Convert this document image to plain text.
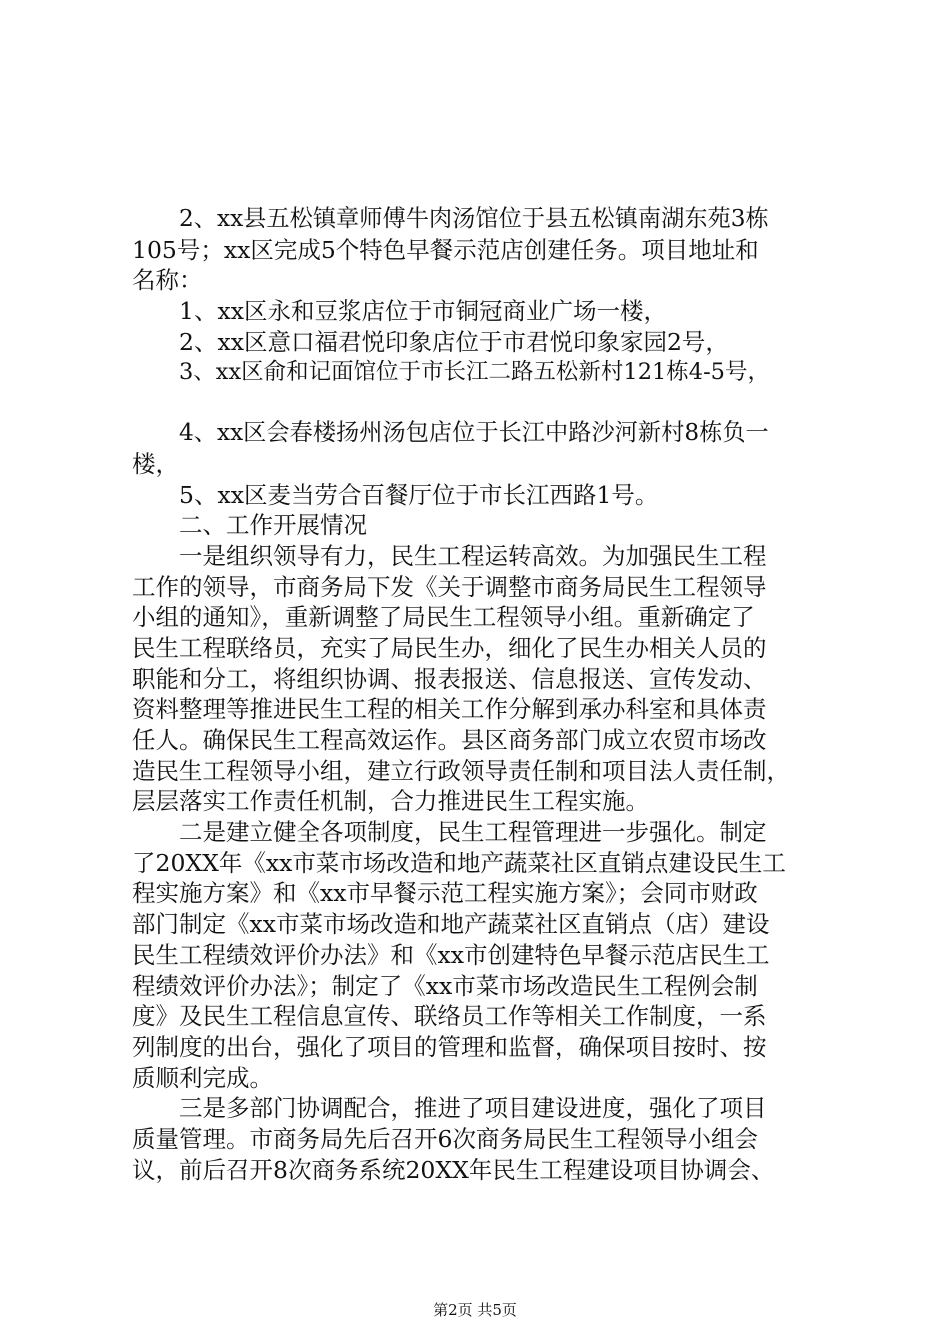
2、xx县五松镇章师傅牛肉汤馆位于县五松镇南湖东苑3栋
105号；xx区完成5个特色早餐示范店创建任务。项目地址和
名称：
1、xx区永和豆浆店位于市铜冠商业广场一楼，
2、xx区意口福君悦印象店位于市君悦印象家园2号，
3、xx区俞和记面馆位于市长江二路五松新村121栋4-5号，
4、xx区会春楼扬州汤包店位于长江中路沙河新村8栋负一
楼，
5、xx区麦当劳合百餐厅位于市长江西路1号。
二、工作开展情况
一是组织领导有力，民生工程运转高效。为加强民生工程
工作的领导，市商务局下发《关于调整市商务局民生工程领导
小组的通知》，重新调整了局民生工程领导小组。重新确定了
民生工程联络员，充实了局民生办，细化了民生办相关人员的
职能和分工，将组织协调、报表报送、信息报送、宣传发动、
资料整理等推进民生工程的相关工作分解到承办科室和具体责
任人。确保民生工程高效运作。县区商务部门成立农贸市场改
造民生工程领导小组，建立行政领导责任制和项目法人责任制，
层层落实工作责任机制，合力推进民生工程实施。
二是建立健全各项制度，民生工程管理进一步强化。制定
了20XX年《xx市菜市场改造和地产蔬菜社区直销点建设民生工
程实施方案》和《xx市早餐示范工程实施方案》；会同市财政
部门制定《xx市菜市场改造和地产蔬菜社区直销点（店）建设
民生工程绩效评价办法》和《xx市创建特色早餐示范店民生工
程绩效评价办法》；制定了《xx市菜市场改造民生工程例会制
度》及民生工程信息宣传、联络员工作等相关工作制度，一系
列制度的出台，强化了项目的管理和监督，确保项目按时、按
质顺利完成。
三是多部门协调配合，推进了项目建设进度，强化了项目
质量管理。市商务局先后召开6次商务局民生工程领导小组会
议，前后召开8次商务系统20XX年民生工程建设项目协调会、
第2页 共5页
